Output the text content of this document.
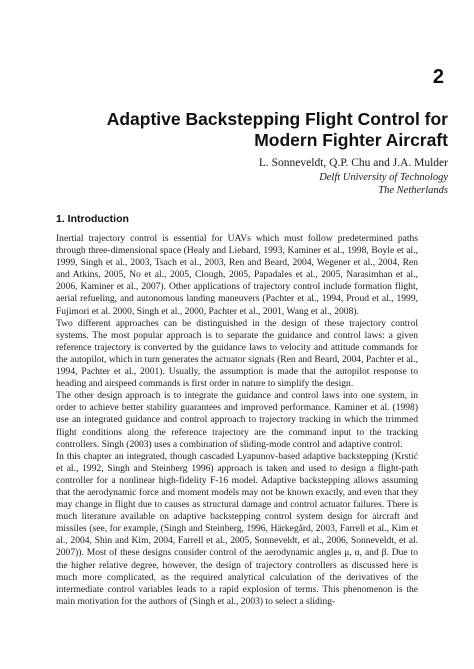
2
Adaptive Backstepping Flight Control for
Modern Fighter Aircraft
L. Sonneveldt, Q.P. Chu and J.A. Mulder
Delft University of Technology
The Netherlands
1. Introduction

Inertial trajectory control is essential for UAVs which must follow predetermined paths through three-dimensional space (Healy and Liebard, 1993, Kaminer et al., 1998, Boyle et al., 1999, Singh et al., 2003, Tsach et al., 2003, Ren and Beard, 2004, Wegener et al., 2004, Ren and Atkins, 2005, No et al., 2005, Clough, 2005, Papadales et al., 2005, Narasimhan et al., 2006, Kaminer et al., 2007). Other applications of trajectory control include formation flight, aerial refueling, and autonomous landing maneuvers (Pachter et al., 1994, Proud et al., 1999, Fujimori et al. 2000, Singh et al., 2000, Pachter et al., 2001, Wang et al., 2008).

Two different approaches can be distinguished in the design of these trajectory control systems. The most popular approach is to separate the guidance and control laws: a given reference trajectory is converted by the guidance laws to velocity and attitude commands for the autopilot, which in turn generates the actuator signals (Ren and Beard, 2004, Pachter et al., 1994, Pachter et al., 2001). Usually, the assumption is made that the autopilot response to heading and airspeed commands is first order in nature to simplify the design.

The other design approach is to integrate the guidance and control laws into one system, in order to achieve better stability guarantees and improved performance. Kaminer et al. (1998) use an integrated guidance and control approach to trajectory tracking in which the trimmed flight conditions along the reference trajectory are the command input to the tracking controllers. Singh (2003) uses a combination of sliding-mode control and adaptive control.

In this chapter an integrated, though cascaded Lyapunov-based adaptive backstepping (Krstić et al., 1992, Singh and Steinberg 1996) approach is taken and used to design a flight-path controller for a nonlinear high-fidelity F-16 model. Adaptive backstepping allows assuming that the aerodynamic force and moment models may not be known exactly, and even that they may change in flight due to causes as structural damage and control actuator failures. There is much literature available on adaptive backstepping control system design for aircraft and missiles (see, for example, (Singh and Steinberg, 1996, Härkegård, 2003, Farrell et al., Kim et al., 2004, Shin and Kim, 2004, Farrell et al., 2005, Sonneveldt, et al., 2006, Sonneveldt, et al. 2007)). Most of these designs consider control of the aerodynamic angles μ, α, and β. Due to the higher relative degree, however, the design of trajectory controllers as discussed here is much more complicated, as the required analytical calculation of the derivatives of the intermediate control variables leads to a rapid explosion of terms. This phenomenon is the main motivation for the authors of (Singh et al., 2003) to select a sliding-
